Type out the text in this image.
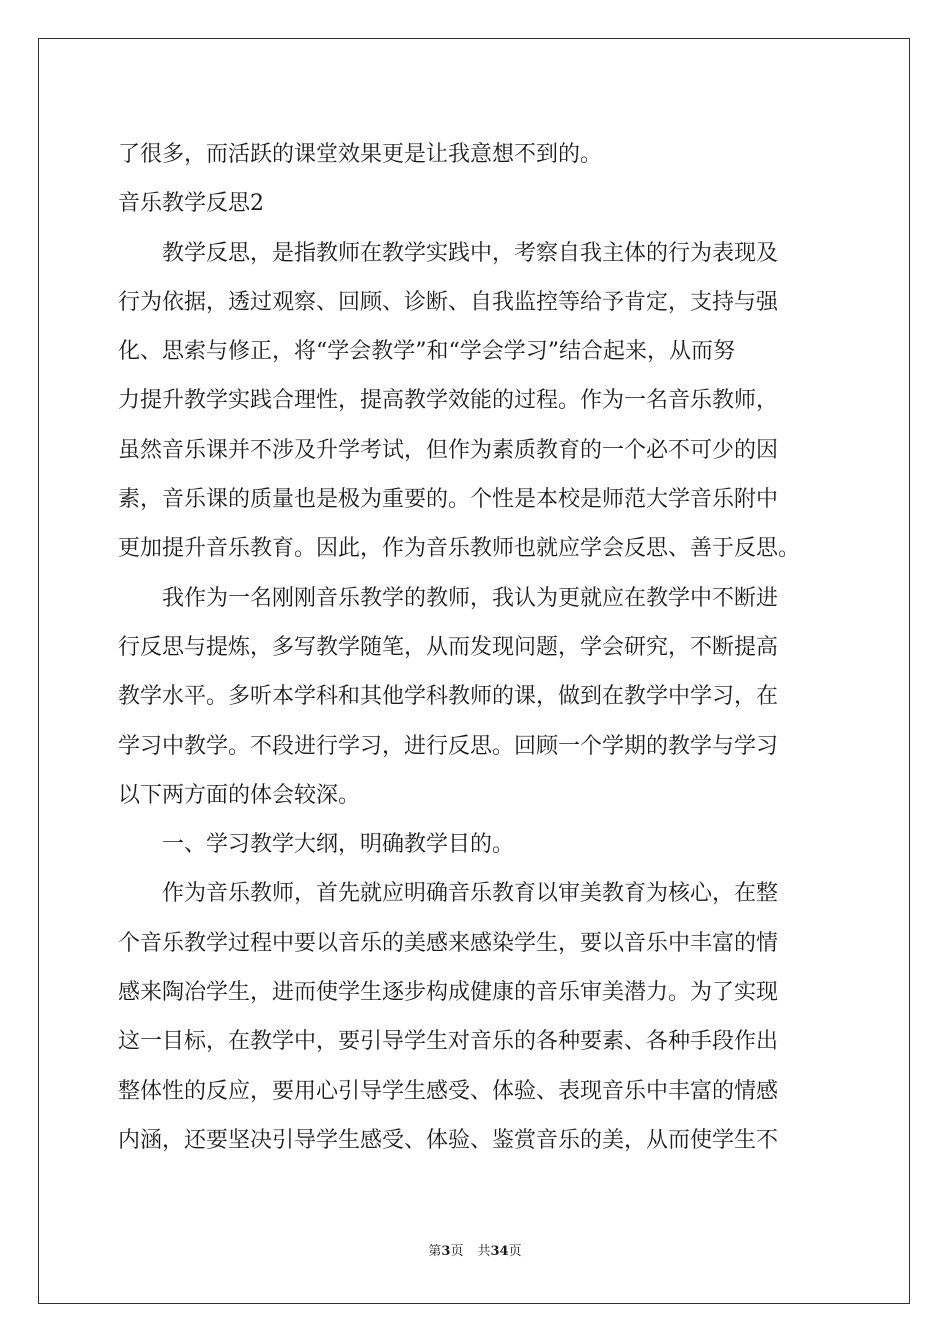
了很多，而活跃的课堂效果更是让我意想不到的。
音乐教学反思2
　　教学反思，是指教师在教学实践中，考察自我主体的行为表现及
行为依据，透过观察、回顾、诊断、自我监控等给予肯定，支持与强
化、思索与修正，将“学会教学”和“学会学习”结合起来，从而努
力提升教学实践合理性，提高教学效能的过程。作为一名音乐教师，
虽然音乐课并不涉及升学考试，但作为素质教育的一个必不可少的因
素，音乐课的质量也是极为重要的。个性是本校是师范大学音乐附中
更加提升音乐教育。因此，作为音乐教师也就应学会反思、善于反思。
　　我作为一名刚刚音乐教学的教师，我认为更就应在教学中不断进
行反思与提炼，多写教学随笔，从而发现问题，学会研究，不断提高
教学水平。多听本学科和其他学科教师的课，做到在教学中学习，在
学习中教学。不段进行学习，进行反思。回顾一个学期的教学与学习
以下两方面的体会较深。
　　一、学习教学大纲，明确教学目的。
　　作为音乐教师，首先就应明确音乐教育以审美教育为核心，在整
个音乐教学过程中要以音乐的美感来感染学生，要以音乐中丰富的情
感来陶冶学生，进而使学生逐步构成健康的音乐审美潜力。为了实现
这一目标，在教学中，要引导学生对音乐的各种要素、各种手段作出
整体性的反应，要用心引导学生感受、体验、表现音乐中丰富的情感
内涵，还要坚决引导学生感受、体验、鉴赏音乐的美，从而使学生不
第3页 共34页
